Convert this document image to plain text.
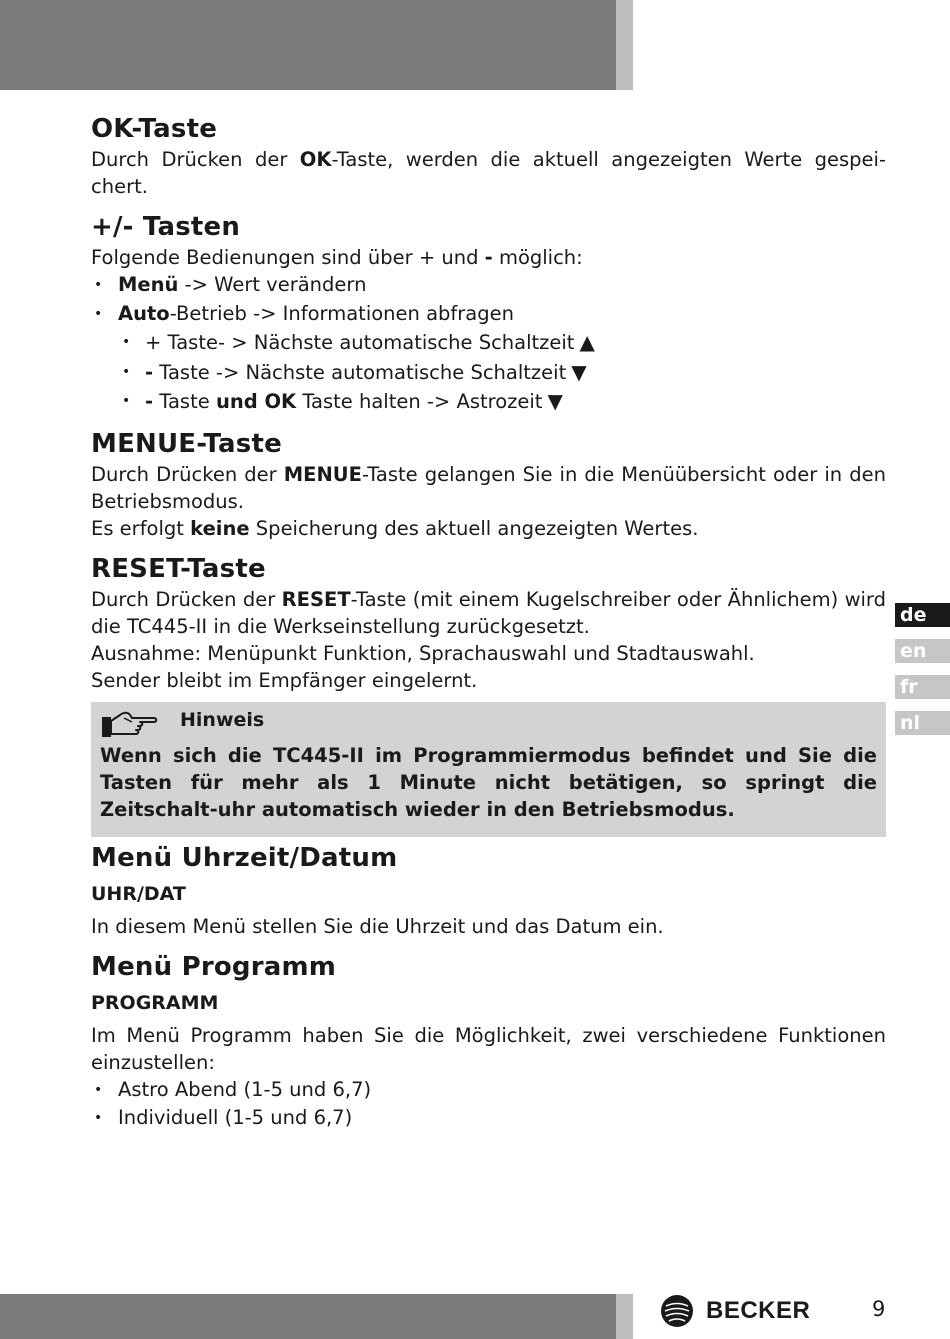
OK-Taste

Durch Drücken der OK-Taste, werden die aktuell angezeigten Werte gespei-chert.

+/- Tasten

Folgende Bedienungen sind über + und - möglich:

• Menü -> Wert verändern
• Auto-Betrieb -> Informationen abfragen
• + Taste- > Nächste automatische Schaltzeit ▲
• - Taste -> Nächste automatische Schaltzeit ▼
• - Taste und OK Taste halten -> Astrozeit ▼
MENUE-Taste

Durch Drücken der MENUE-Taste gelangen Sie in die Menüübersicht oder in den Betriebsmodus.

Es erfolgt keine Speicherung des aktuell angezeigten Wertes.

RESET-Taste

Durch Drücken der RESET-Taste (mit einem Kugelschreiber oder Ähnlichem) wird die TC445-II in die Werkseinstellung zurückgesetzt.

Ausnahme: Menüpunkt Funktion, Sprachauswahl und Stadtauswahl.

Sender bleibt im Empfänger eingelernt.

Hinweis

Wenn sich die TC445-II im Programmiermodus befindet und Sie die Tasten für mehr als 1 Minute nicht betätigen, so springt die Zeitschalt-uhr automatisch wieder in den Betriebsmodus.

Menü Uhrzeit/Datum
UHR/DAT

In diesem Menü stellen Sie die Uhrzeit und das Datum ein.

Menü Programm
PROGRAMM

Im Menü Programm haben Sie die Möglichkeit, zwei verschiedene Funktionen einzustellen:

• Astro Abend (1-5 und 6,7)
• Individuell (1-5 und 6,7)
de
en
fr
nl
BECKER	9
